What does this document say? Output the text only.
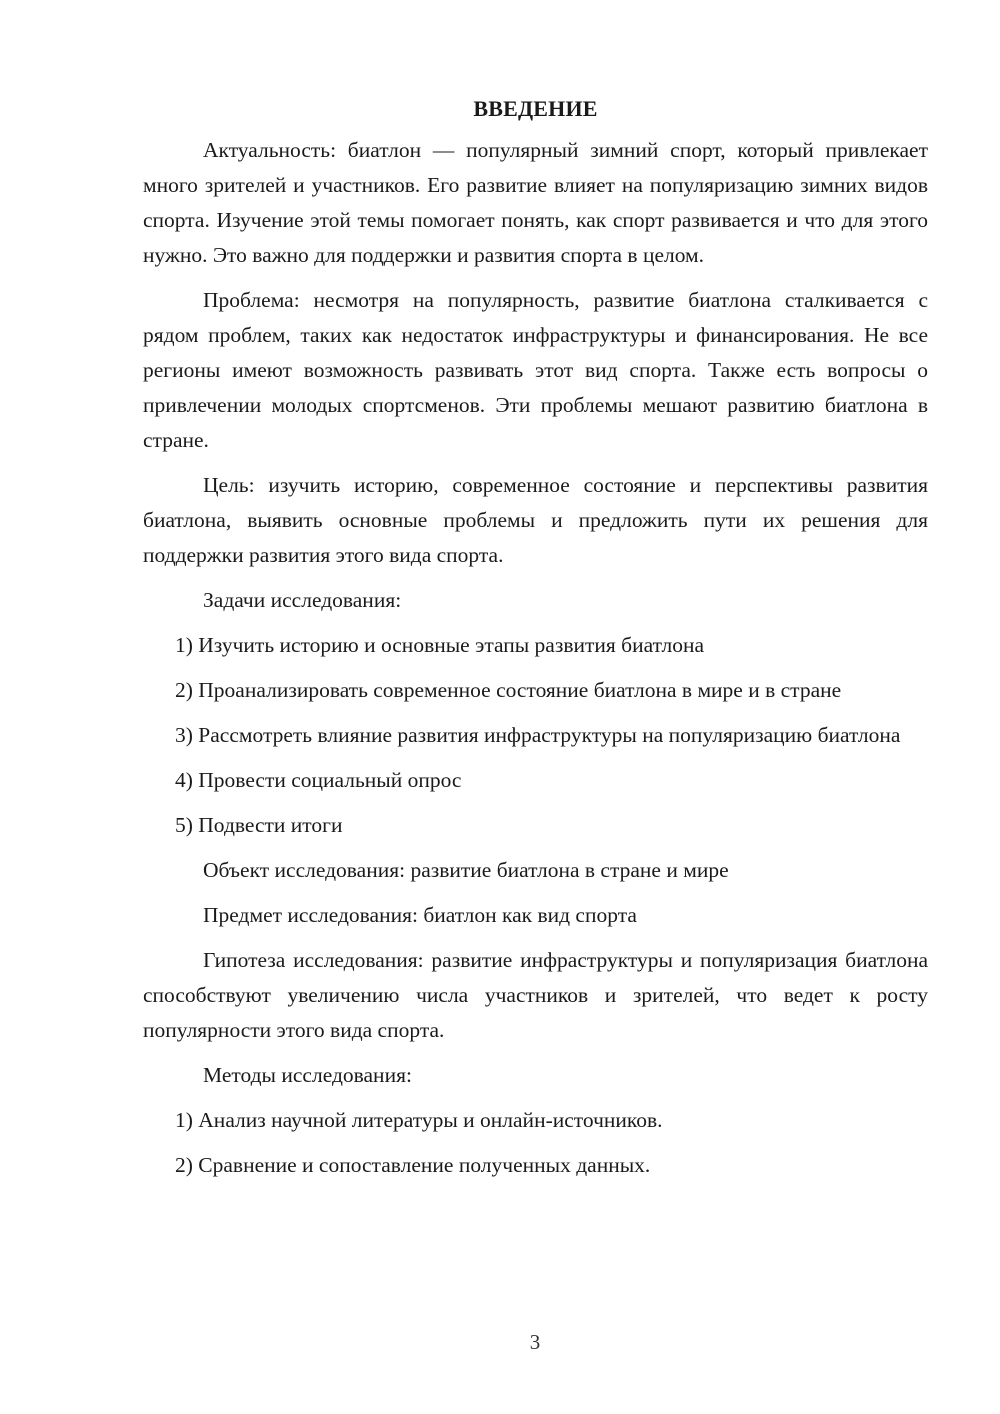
ВВЕДЕНИЕ

Актуальность: биатлон — популярный зимний спорт, который привлекает много зрителей и участников. Его развитие влияет на популяризацию зимних видов спорта. Изучение этой темы помогает понять, как спорт развивается и что для этого нужно. Это важно для поддержки и развития спорта в целом.

Проблема: несмотря на популярность, развитие биатлона сталкивается с рядом проблем, таких как недостаток инфраструктуры и финансирования. Не все регионы имеют возможность развивать этот вид спорта. Также есть вопросы о привлечении молодых спортсменов. Эти проблемы мешают развитию биатлона в стране.

Цель: изучить историю, современное состояние и перспективы развития биатлона, выявить основные проблемы и предложить пути их решения для поддержки развития этого вида спорта.

Задачи исследования:

1) Изучить историю и основные этапы развития биатлона

2) Проанализировать современное состояние биатлона в мире и в стране

3) Рассмотреть влияние развития инфраструктуры на популяризацию биатлона

4) Провести социальный опрос

5) Подвести итоги

Объект исследования: развитие биатлона в стране и мире

Предмет исследования: биатлон как вид спорта

Гипотеза исследования: развитие инфраструктуры и популяризация биатлона способствуют увеличению числа участников и зрителей, что ведет к росту популярности этого вида спорта.

Методы исследования:

1) Анализ научной литературы и онлайн-источников.

2) Сравнение и сопоставление полученных данных.

3
